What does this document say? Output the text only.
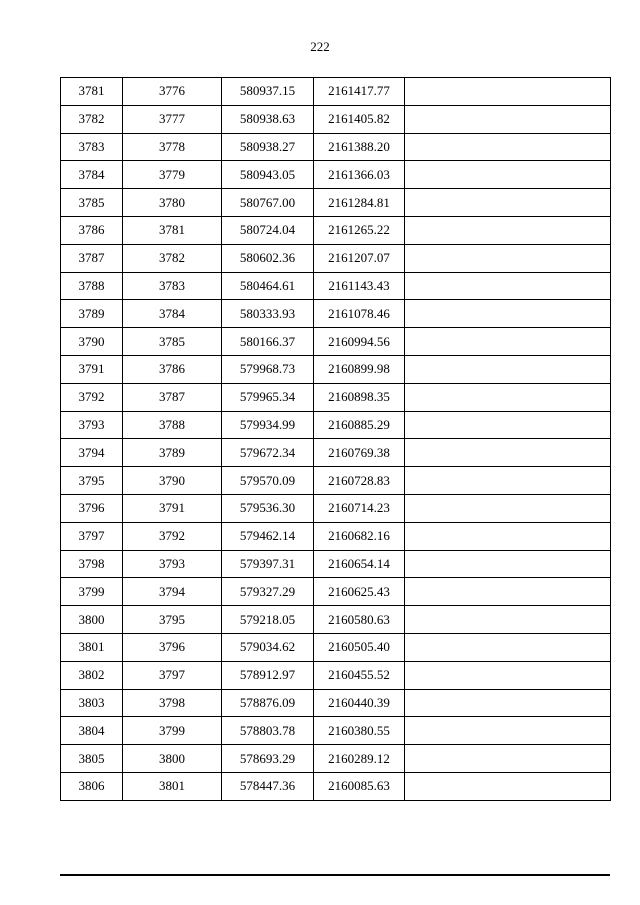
222
3781	3776	580937.15	2161417.77	
3782	3777	580938.63	2161405.82	
3783	3778	580938.27	2161388.20	
3784	3779	580943.05	2161366.03	
3785	3780	580767.00	2161284.81	
3786	3781	580724.04	2161265.22	
3787	3782	580602.36	2161207.07	
3788	3783	580464.61	2161143.43	
3789	3784	580333.93	2161078.46	
3790	3785	580166.37	2160994.56	
3791	3786	579968.73	2160899.98	
3792	3787	579965.34	2160898.35	
3793	3788	579934.99	2160885.29	
3794	3789	579672.34	2160769.38	
3795	3790	579570.09	2160728.83	
3796	3791	579536.30	2160714.23	
3797	3792	579462.14	2160682.16	
3798	3793	579397.31	2160654.14	
3799	3794	579327.29	2160625.43	
3800	3795	579218.05	2160580.63	
3801	3796	579034.62	2160505.40	
3802	3797	578912.97	2160455.52	
3803	3798	578876.09	2160440.39	
3804	3799	578803.78	2160380.55	
3805	3800	578693.29	2160289.12	
3806	3801	578447.36	2160085.63	
